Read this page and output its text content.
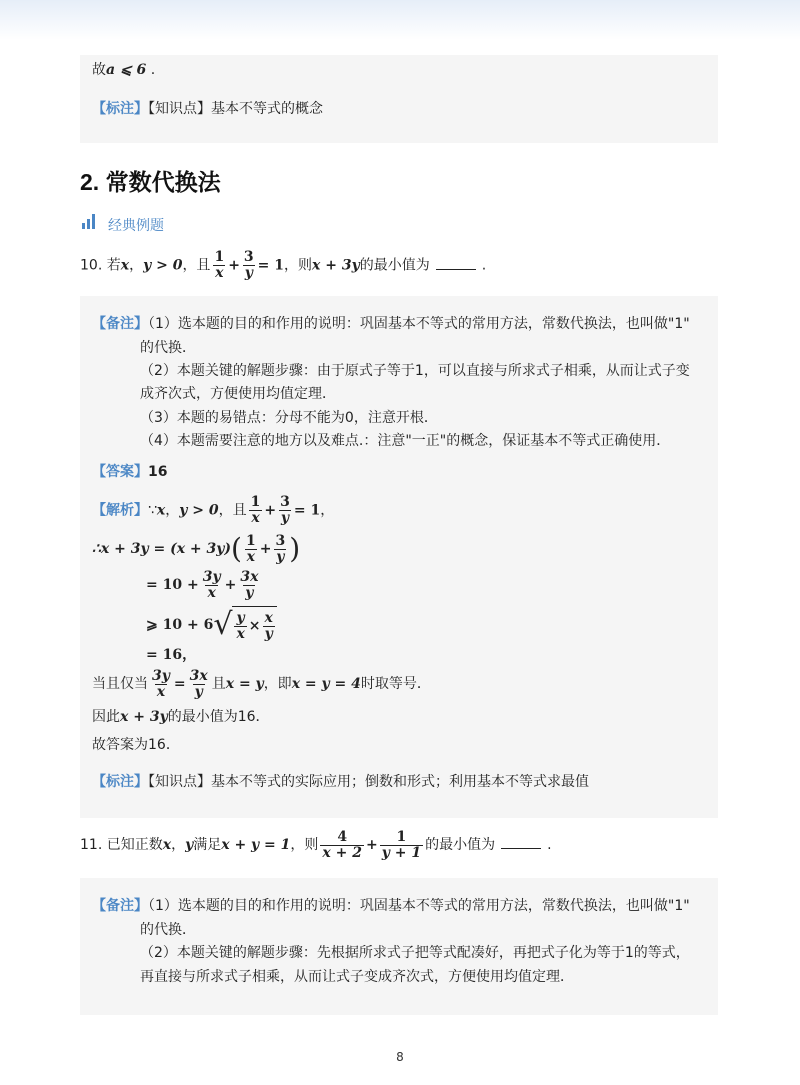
故a ⩽ 6 .
【标注】【知识点】基本不等式的概念
2. 常数代换法
经典例题
10. 若x，y > 0，且 $\frac{1}{x} + \frac{3}{y} = 1$，则x + 3y的最小值为	.
【备注】（1）选本题的目的和作用的说明：巩固基本不等式的常用方法，常数代换法，也叫做"1"
的代换．
（2）本题关键的解题步骤：由于原式子等于1，可以直接与所求式子相乘，从而让式子变
成齐次式，方便使用均值定理．
（3）本题的易错点：分母不能为0，注意开根．
（4）本题需要注意的地方以及难点.：注意"一正"的概念，保证基本不等式正确使用．
【答案】16
【解析】∵x，y > 0，且 $\frac{1}{x} + \frac{3}{y} = 1$，
∴x + $3y = (x + 3y)( \frac{1}{x} + \frac{3}{y}$ )
= $10 + \frac{3y}{x} + \frac{3x}{y}$
⩾ 10 + 6 √ $\frac{y}{x} \times \frac{x}{y}$
= 16，
当且仅当 $\frac{3y}{x} = \frac{3x}{y}$ 且x = y，即x = y = 4时取等号．
因此x + 3y的最小值为16．
故答案为16．
【标注】【知识点】基本不等式的实际应用；倒数和形式；利用基本不等式求最值
11. 已知正数x，y满足x + y = 1，则 $\frac{4}{x + 2} + \frac{1}{y + 1}$ 的最小值为	.
【备注】（1）选本题的目的和作用的说明：巩固基本不等式的常用方法，常数代换法，也叫做"1"
的代换．
（2）本题关键的解题步骤：先根据所求式子把等式配凑好，再把式子化为等于1的等式，
再直接与所求式子相乘，从而让式子变成齐次式，方便使用均值定理．
8
